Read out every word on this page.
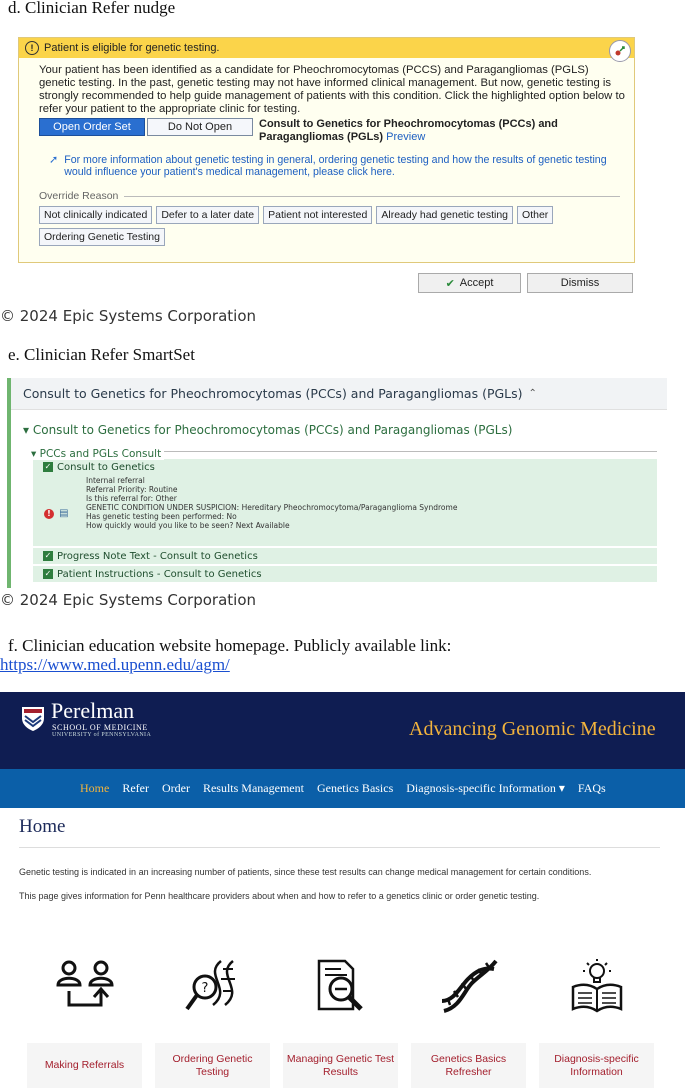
d. Clinician Refer nudge
! Patient is eligible for genetic testing.
Your patient has been identified as a candidate for Pheochromocytomas (PCCS) and Paragangliomas (PGLS) genetic testing. In the past, genetic testing may not have informed clinical management. But now, genetic testing is strongly recommended to help guide management of patients with this condition. Click the highlighted option below to refer your patient to the appropriate clinic for testing.
Open Order Set	Do Not Open	Consult to Genetics for Pheochromocytomas (PCCs) and Paragangliomas (PGLs) Preview
➚ For more information about genetic testing in general, ordering genetic testing and how the results of genetic testing would influence your patient's medical management, please click here.
Override Reason
Not clinically indicated	Defer to a later date	Patient not interested	Already had genetic testing	Other
Ordering Genetic Testing
✔ Accept	Dismiss
© 2024 Epic Systems Corporation
e. Clinician Refer SmartSet
Consult to Genetics for Pheochromocytomas (PCCs) and Paragangliomas (PGLs) ⌃
▾ Consult to Genetics for Pheochromocytomas (PCCs) and Paragangliomas (PGLs)
▾ PCCs and PGLs Consult
✓ Consult to Genetics
! ▤
Internal referral
Referral Priority: Routine
Is this referral for: Other
GENETIC CONDITION UNDER SUSPICION: Hereditary Pheochromocytoma/Paraganglioma Syndrome
Has genetic testing been performed: No
How quickly would you like to be seen? Next Available
✓ Progress Note Text - Consult to Genetics
✓ Patient Instructions - Consult to Genetics
© 2024 Epic Systems Corporation
f. Clinician education website homepage. Publicly available link:
https://www.med.upenn.edu/agm/
Perelman
SCHOOL OF MEDICINE
UNIVERSITY of PENNSYLVANIA	Advancing Genomic Medicine
Home Refer Order Results Management Genetics Basics Diagnosis-specific Information ▾ FAQs
Home
Genetic testing is indicated in an increasing number of patients, since these test results can change medical management for certain conditions.
This page gives information for Penn healthcare providers about when and how to refer to a genetics clinic or order genetic testing.
Making Referrals
?
Ordering Genetic Testing
Managing Genetic Test Results
Genetics Basics Refresher
Diagnosis-specific Information
